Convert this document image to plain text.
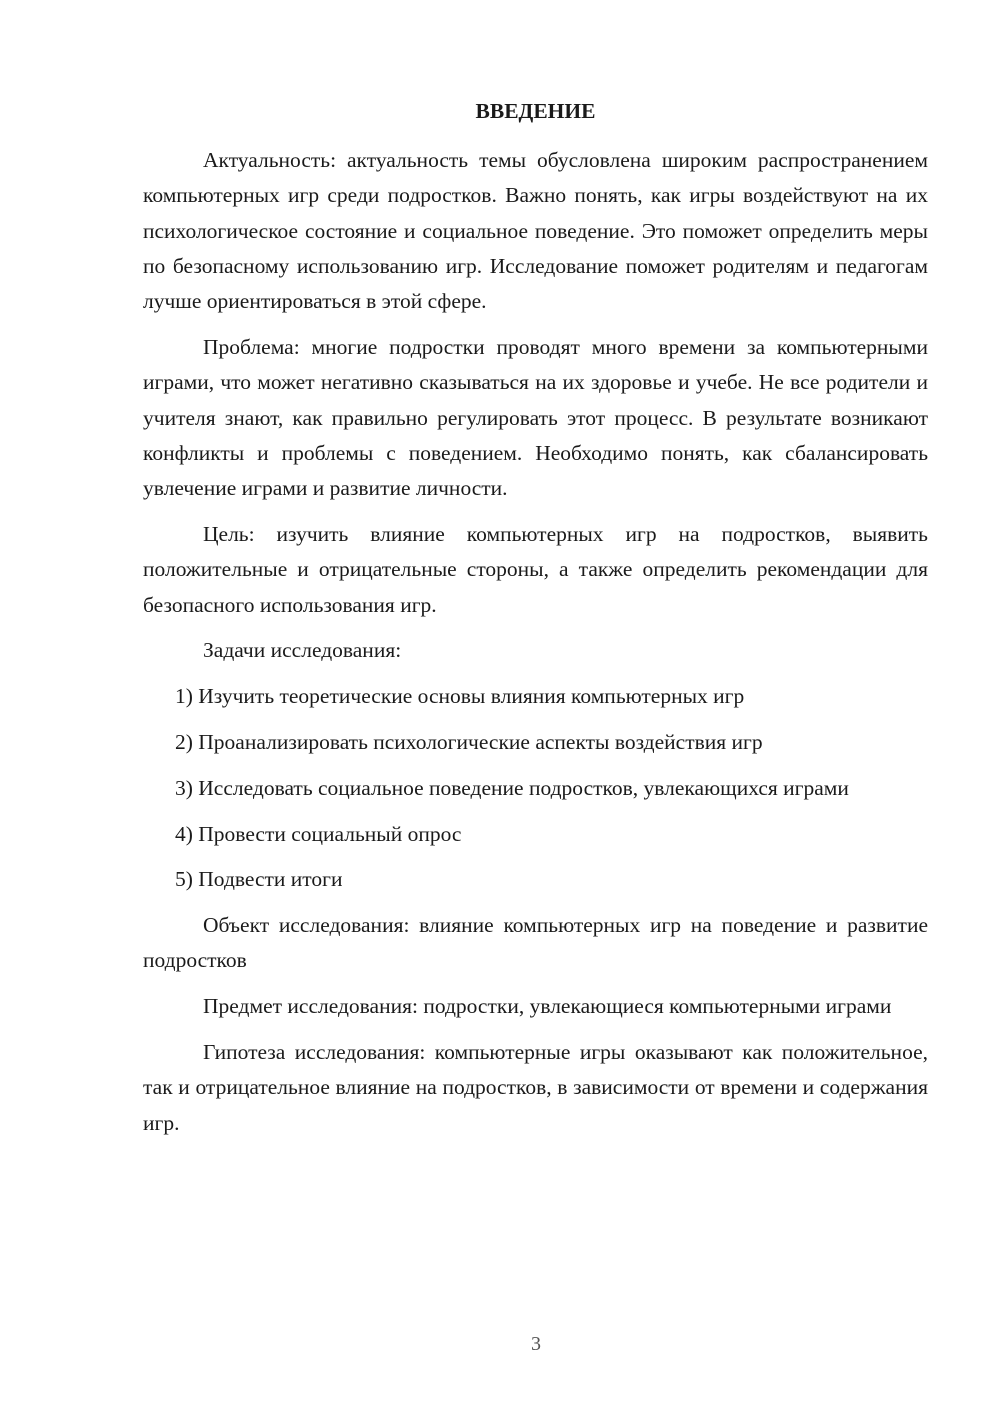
ВВЕДЕНИЕ

Актуальность: актуальность темы обусловлена широким распространением компьютерных игр среди подростков. Важно понять, как игры воздействуют на их психологическое состояние и социальное поведение. Это поможет определить меры по безопасному использованию игр. Исследование поможет родителям и педагогам лучше ориентироваться в этой сфере.

Проблема: многие подростки проводят много времени за компьютерными играми, что может негативно сказываться на их здоровье и учебе. Не все родители и учителя знают, как правильно регулировать этот процесс. В результате возникают конфликты и проблемы с поведением. Необходимо понять, как сбалансировать увлечение играми и развитие личности.

Цель: изучить влияние компьютерных игр на подростков, выявить положительные и отрицательные стороны, а также определить рекомендации для безопасного использования игр.

Задачи исследования:

1) Изучить теоретические основы влияния компьютерных игр

2) Проанализировать психологические аспекты воздействия игр

3) Исследовать социальное поведение подростков, увлекающихся играми

4) Провести социальный опрос

5) Подвести итоги

Объект исследования: влияние компьютерных игр на поведение и развитие подростков

Предмет исследования: подростки, увлекающиеся компьютерными играми

Гипотеза исследования: компьютерные игры оказывают как положительное, так и отрицательное влияние на подростков, в зависимости от времени и содержания игр.

3
